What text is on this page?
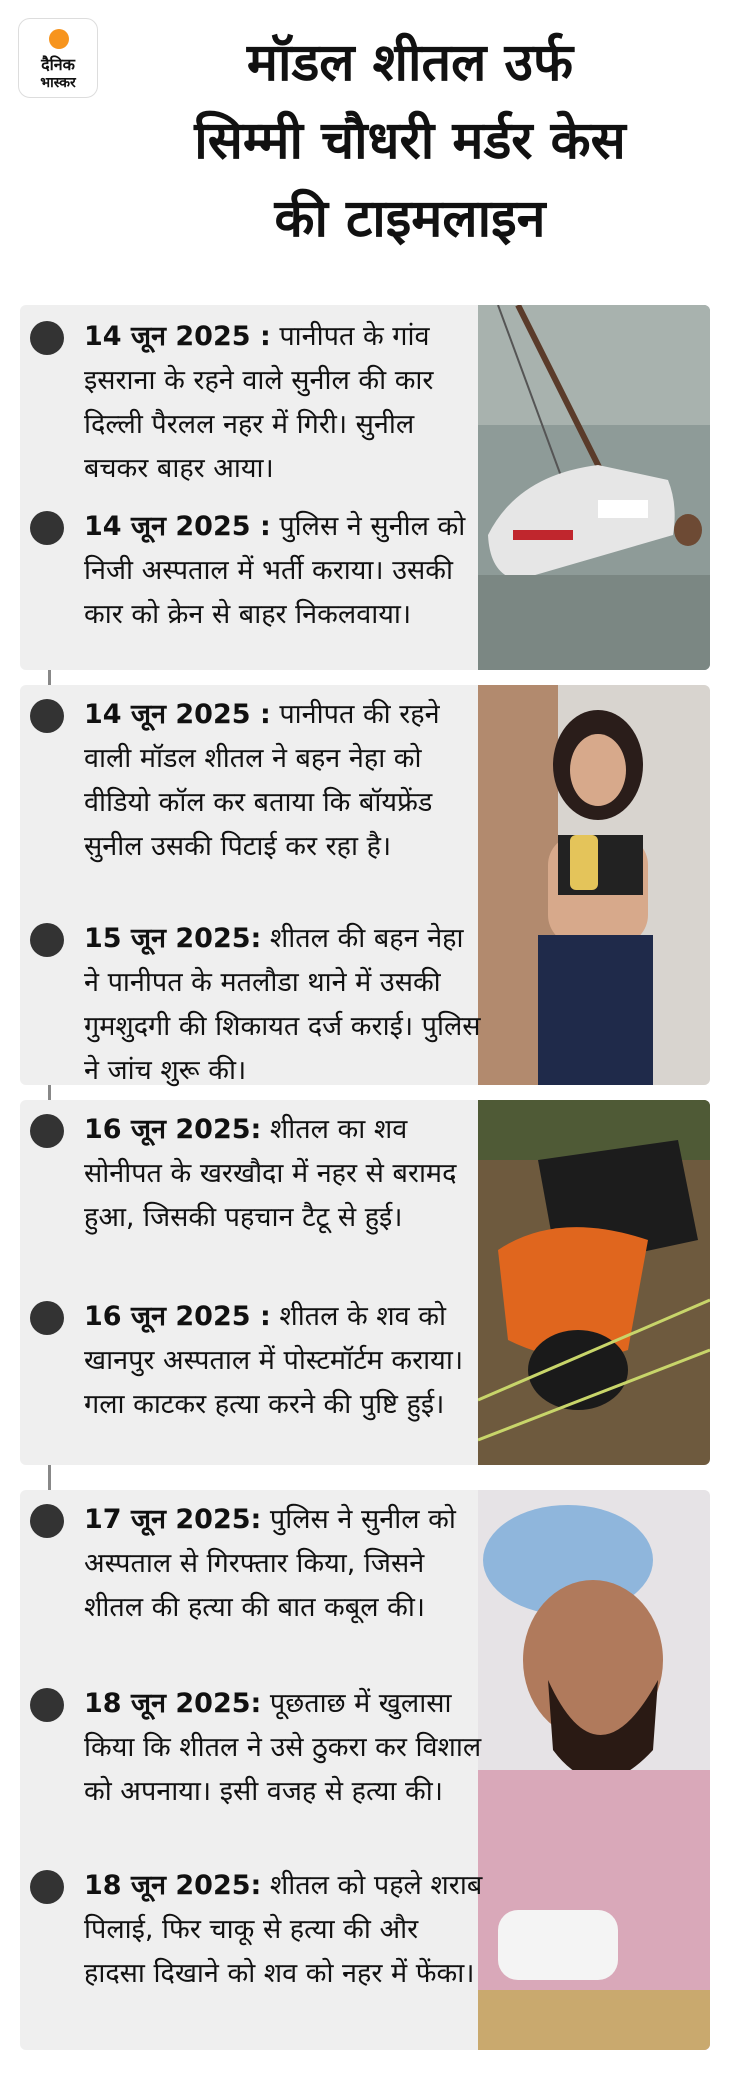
दैनिक
भास्कर	मॉडल शीतल उर्फ
सिम्मी चौधरी मर्डर केस
की टाइमलाइन
14 जून 2025 : पानीपत के गांव इसराना के रहने वाले सुनील की कार दिल्ली पैरलल नहर में गिरी। सुनील बचकर बाहर आया।
14 जून 2025 : पुलिस ने सुनील को निजी अस्पताल में भर्ती कराया। उसकी कार को क्रेन से बाहर निकलवाया।
14 जून 2025 : पानीपत की रहने वाली मॉडल शीतल ने बहन नेहा को वीडियो कॉल कर बताया कि बॉयफ्रेंड सुनील उसकी पिटाई कर रहा है।
15 जून 2025: शीतल की बहन नेहा ने पानीपत के मतलौडा थाने में उसकी गुमशुदगी की शिकायत दर्ज कराई। पुलिस ने जांच शुरू की।
16 जून 2025: शीतल का शव सोनीपत के खरखौदा में नहर से बरामद हुआ, जिसकी पहचान टैटू से हुई।
16 जून 2025 : शीतल के शव को खानपुर अस्पताल में पोस्टमॉर्टम कराया। गला काटकर हत्या करने की पुष्टि हुई।
17 जून 2025: पुलिस ने सुनील को अस्पताल से गिरफ्तार किया, जिसने शीतल की हत्या की बात कबूल की।
18 जून 2025: पूछताछ में खुलासा किया कि शीतल ने उसे ठुकरा कर विशाल को अपनाया। इसी वजह से हत्या की।
18 जून 2025: शीतल को पहले शराब पिलाई, फिर चाकू से हत्या की और हादसा दिखाने को शव को नहर में फेंका।
